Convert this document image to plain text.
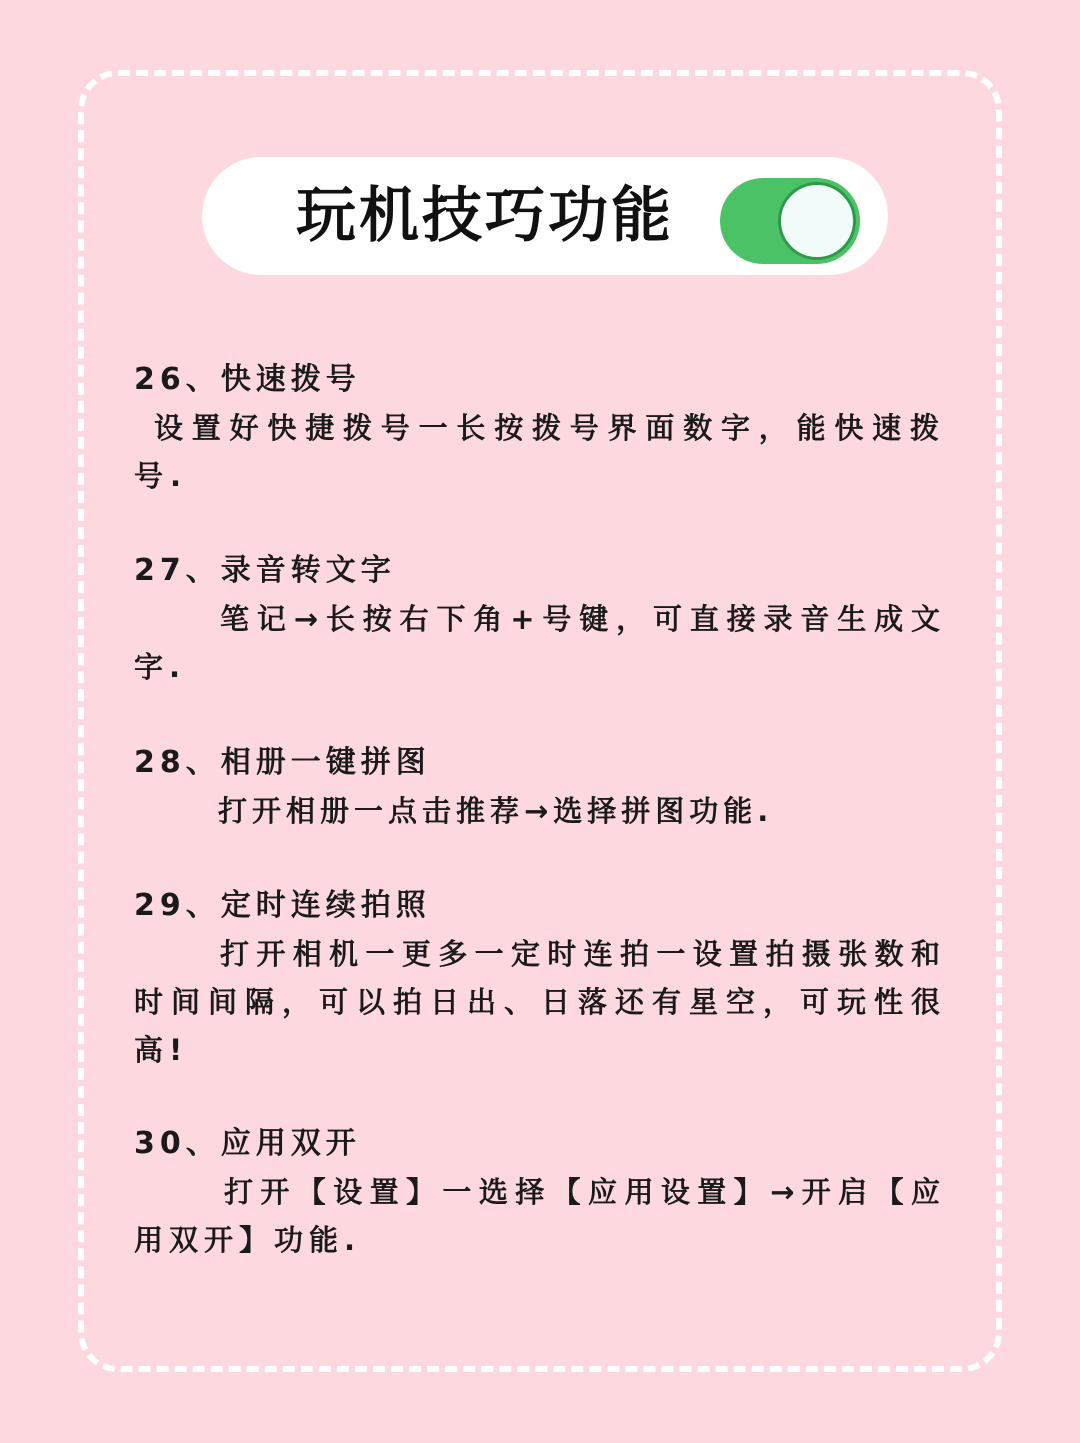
玩机技巧功能
26、快速拨号
设置好快捷拨号一长按拨号界面数字，能快速拨号.
27、录音转文字
笔记→长按右下角+号键，可直接录音生成文字.
28、相册一键拼图
打开相册一点击推荐→选择拼图功能.
29、定时连续拍照
打开相机一更多一定时连拍一设置拍摄张数和时间间隔，可以拍日出、日落还有星空，可玩性很高!
30、应用双开
打开【设置】一选择【应用设置】→开启【应用双开】功能.
